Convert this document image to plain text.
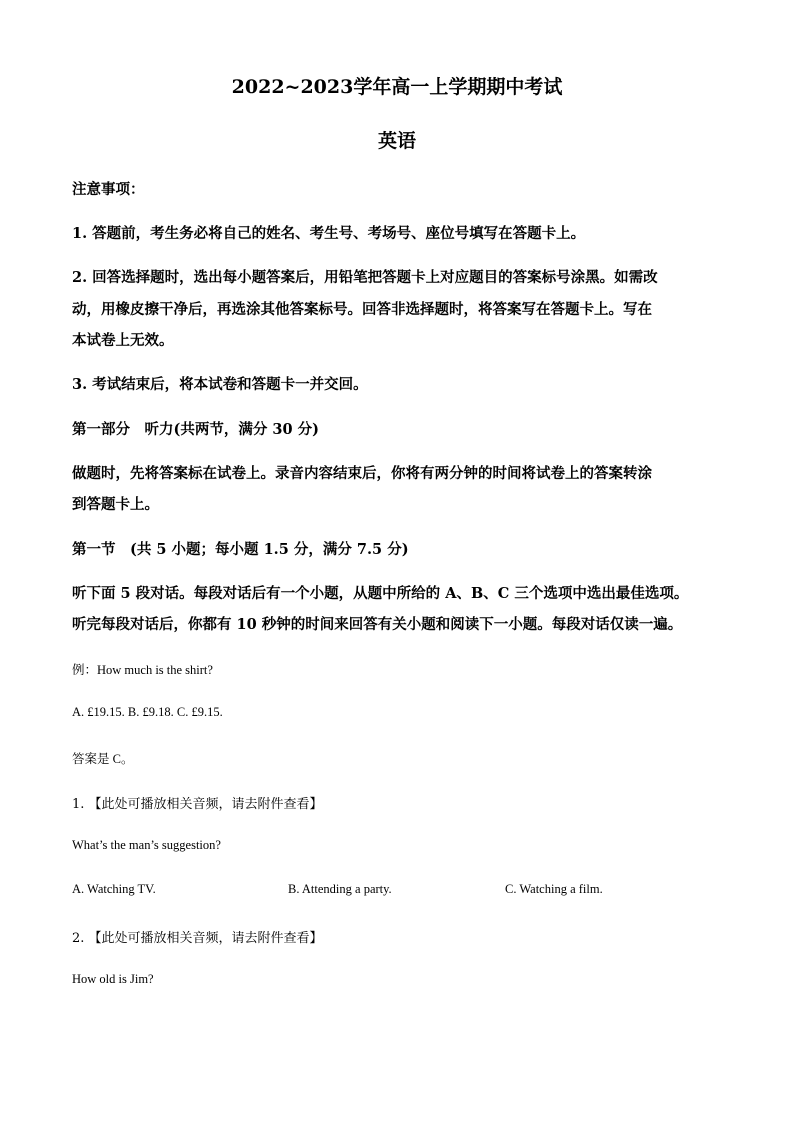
2022~2023学年高一上学期期中考试
英语
注意事项：
1. 答题前，考生务必将自己的姓名、考生号、考场号、座位号填写在答题卡上。
2. 回答选择题时，选出每小题答案后，用铅笔把答题卡上对应题目的答案标号涂黑。如需改
动，用橡皮擦干净后，再选涂其他答案标号。回答非选择题时，将答案写在答题卡上。写在
本试卷上无效。
3. 考试结束后，将本试卷和答题卡一并交回。
第一部分　听力(共两节，满分 30 分)
做题时，先将答案标在试卷上。录音内容结束后，你将有两分钟的时间将试卷上的答案转涂
到答题卡上。
第一节　(共 5 小题；每小题 1.5 分，满分 7.5 分)
听下面 5 段对话。每段对话后有一个小题，从题中所给的 A、B、C 三个选项中选出最佳选项。
听完每段对话后，你都有 10 秒钟的时间来回答有关小题和阅读下一小题。每段对话仅读一遍。
例：How much is the shirt?
A. £19.15. B. £9.18. C. £9.15.
答案是 C。
1. 【此处可播放相关音频，请去附件查看】
What’s the man’s suggestion?
A. Watching TV.	B. Attending a party.	C. Watching a film.
2. 【此处可播放相关音频，请去附件查看】
How old is Jim?
